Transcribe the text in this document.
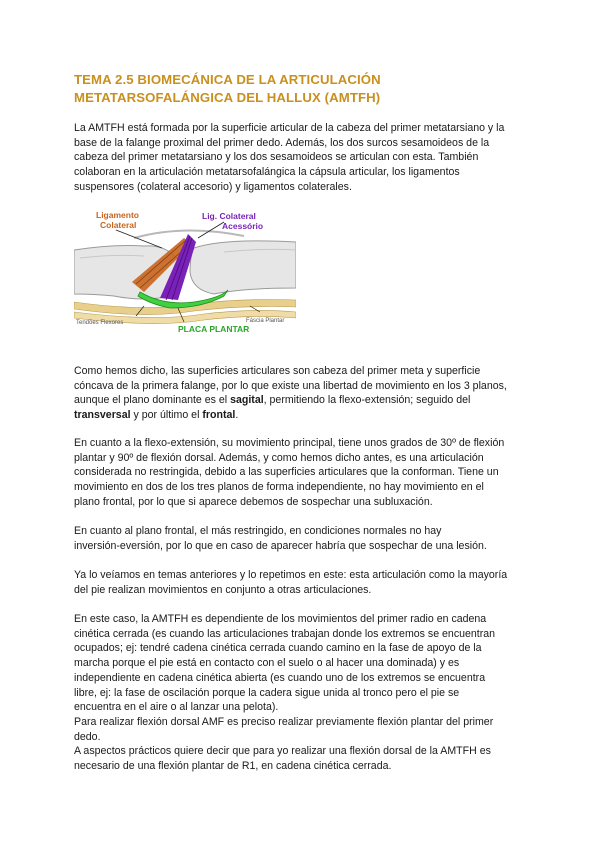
TEMA 2.5 BIOMECÁNICA DE LA ARTICULACIÓN
METATARSOFALÁNGICA DEL HALLUX (AMTFH)

La AMTFH está formada por la superficie articular de la cabeza del primer metatarsiano y la
base de la falange proximal del primer dedo. Además, los dos surcos sesamoideos de la
cabeza del primer metatarsiano y los dos sesamoideos se articulan con esta. También
colaboran en la articulación metatarsofalángica la cápsula articular, los ligamentos
suspensores (colateral accesorio) y ligamentos colaterales.

Ligamento
Colateral
Lig. Colateral
Acessório
Tendões Flexores	Fáscia Plantar
PLACA PLANTAR

Como hemos dicho, las superficies articulares son cabeza del primer meta y superficie
cóncava de la primera falange, por lo que existe una libertad de movimiento en los 3 planos,
aunque el plano dominante es el sagital, permitiendo la flexo-extensión; seguido del
transversal y por último el frontal.

En cuanto a la flexo-extensión, su movimiento principal, tiene unos grados de 30º de flexión
plantar y 90º de flexión dorsal. Además, y como hemos dicho antes, es una articulación
considerada no restringida, debido a las superficies articulares que la conforman. Tiene un
movimiento en dos de los tres planos de forma independiente, no hay movimiento en el
plano frontal, por lo que si aparece debemos de sospechar una subluxación.

En cuanto al plano frontal, el más restringido, en condiciones normales no hay
inversión-eversión, por lo que en caso de aparecer habría que sospechar de una lesión.

Ya lo veíamos en temas anteriores y lo repetimos en este: esta articulación como la mayoría
del pie realizan movimientos en conjunto a otras articulaciones.

En este caso, la AMTFH es dependiente de los movimientos del primer radio en cadena
cinética cerrada (es cuando las articulaciones trabajan donde los extremos se encuentran
ocupados; ej: tendré cadena cinética cerrada cuando camino en la fase de apoyo de la
marcha porque el pie está en contacto con el suelo o al hacer una dominada) y es
independiente en cadena cinética abierta (es cuando uno de los extremos se encuentra
libre, ej: la fase de oscilación porque la cadera sigue unida al tronco pero el pie se
encuentra en el aire o al lanzar una pelota).
Para realizar flexión dorsal AMF es preciso realizar previamente flexión plantar del primer
dedo.
A aspectos prácticos quiere decir que para yo realizar una flexión dorsal de la AMTFH es
necesario de una flexión plantar de R1, en cadena cinética cerrada.
